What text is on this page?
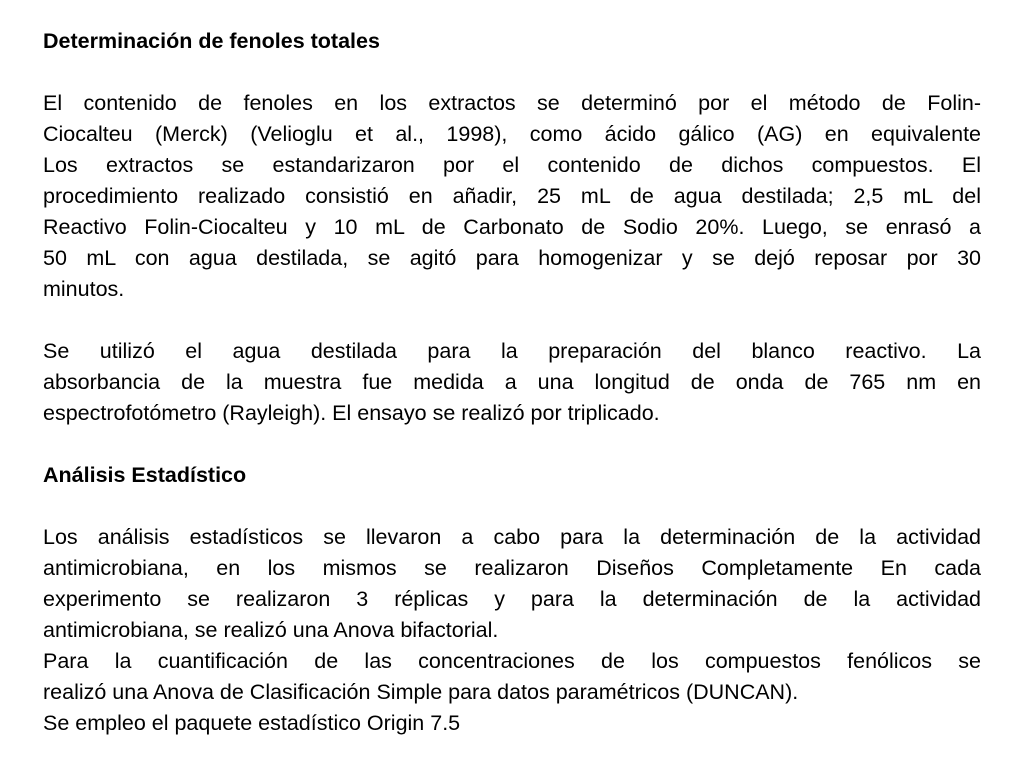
Determinación de fenoles totales

El contenido de fenoles en los extractos se determinó por el método de Folin-
Ciocalteu (Merck) (Velioglu et al., 1998), como ácido gálico (AG) en equivalente
Los extractos se estandarizaron por el contenido de dichos compuestos. El
procedimiento realizado consistió en añadir, 25 mL de agua destilada; 2,5 mL del
Reactivo Folin-Ciocalteu y 10 mL de Carbonato de Sodio 20%. Luego, se enrasó a
50 mL con agua destilada, se agitó para homogenizar y se dejó reposar por 30
minutos.

Se utilizó el agua destilada para la preparación del blanco reactivo. La
absorbancia de la muestra fue medida a una longitud de onda de 765 nm en
espectrofotómetro (Rayleigh). El ensayo se realizó por triplicado.

Análisis Estadístico

Los análisis estadísticos se llevaron a cabo para la determinación de la actividad
antimicrobiana, en los mismos se realizaron Diseños Completamente En cada
experimento se realizaron 3 réplicas y para la determinación de la actividad
antimicrobiana, se realizó una Anova bifactorial.

Para la cuantificación de las concentraciones de los compuestos fenólicos se
realizó una Anova de Clasificación Simple para datos paramétricos (DUNCAN).

Se empleo el paquete estadístico Origin 7.5
